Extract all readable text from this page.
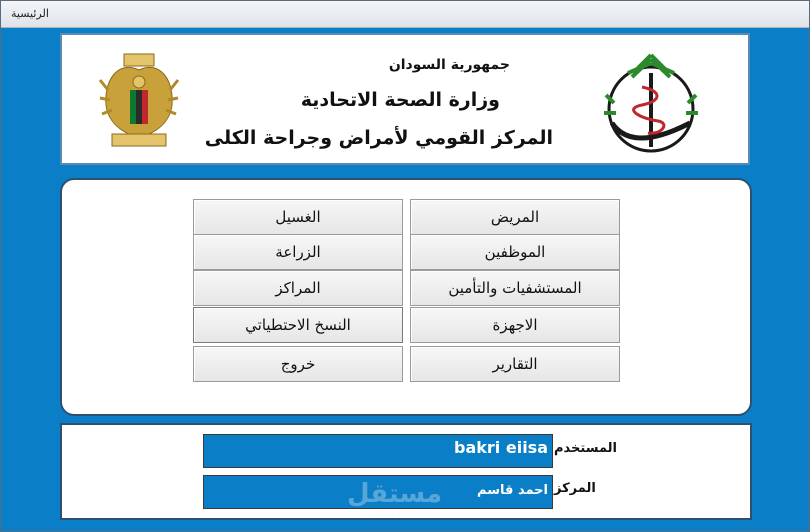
الرئيسية
جمهورية السودان
وزارة الصحة الاتحادية
المركز القومي لأمراض وجراحة الكلى
المريض
الموظفين
المستشفيات والتأمين
الاجهزة
التقارير
الغسيل
الزراعة
المراكز
النسخ الاحتطياتي
خروج
bakri eiisa المستخدم
احمد قاسم المركز
مستقل
mostaql.com
